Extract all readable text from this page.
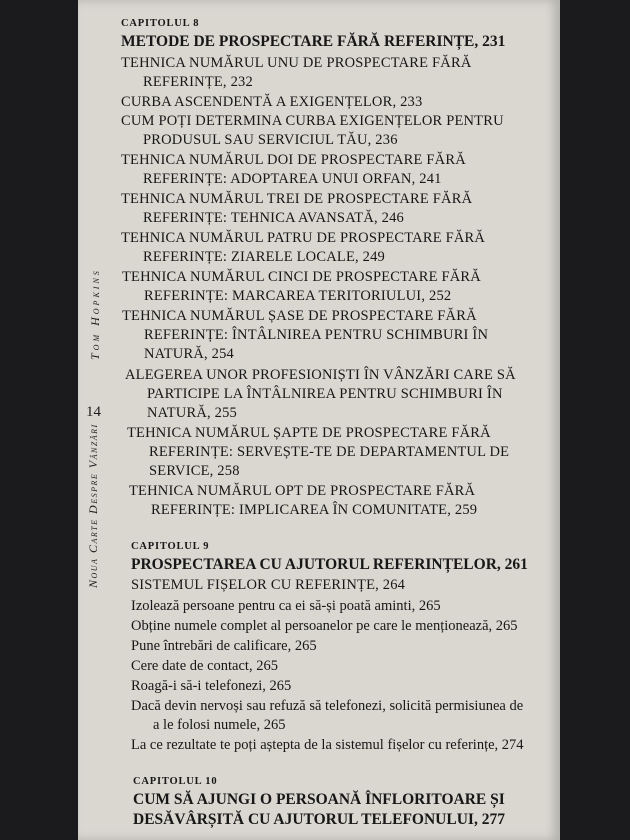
Noua Carte Despre Vânzări
Tom Hopkins
14
CAPITOLUL 8
METODE DE PROSPECTARE FĂRĂ REFERINȚE, 231
TEHNICA NUMĂRUL UNU DE PROSPECTARE FĂRĂ
REFERINȚE, 232
CURBA ASCENDENTĂ A EXIGENȚELOR, 233
CUM POȚI DETERMINA CURBA EXIGENȚELOR PENTRU
PRODUSUL SAU SERVICIUL TĂU, 236
TEHNICA NUMĂRUL DOI DE PROSPECTARE FĂRĂ
REFERINȚE: ADOPTAREA UNUI ORFAN, 241
TEHNICA NUMĂRUL TREI DE PROSPECTARE FĂRĂ
REFERINȚE: TEHNICA AVANSATĂ, 246
TEHNICA NUMĂRUL PATRU DE PROSPECTARE FĂRĂ
REFERINȚE: ZIARELE LOCALE, 249
TEHNICA NUMĂRUL CINCI DE PROSPECTARE FĂRĂ
REFERINȚE: MARCAREA TERITORIULUI, 252
TEHNICA NUMĂRUL ȘASE DE PROSPECTARE FĂRĂ
REFERINȚE: ÎNTÂLNIREA PENTRU SCHIMBURI ÎN
NATURĂ, 254
ALEGEREA UNOR PROFESIONIȘTI ÎN VÂNZĂRI CARE SĂ
PARTICIPE LA ÎNTÂLNIREA PENTRU SCHIMBURI ÎN
NATURĂ, 255
TEHNICA NUMĂRUL ȘAPTE DE PROSPECTARE FĂRĂ
REFERINȚE: SERVEȘTE-TE DE DEPARTAMENTUL DE
SERVICE, 258
TEHNICA NUMĂRUL OPT DE PROSPECTARE FĂRĂ
REFERINȚE: IMPLICAREA ÎN COMUNITATE, 259
CAPITOLUL 9
PROSPECTAREA CU AJUTORUL REFERINȚELOR, 261
SISTEMUL FIȘELOR CU REFERINȚE, 264
Izolează persoane pentru ca ei să-și poată aminti, 265
Obține numele complet al persoanelor pe care le menționează, 265
Pune întrebări de calificare, 265
Cere date de contact, 265
Roagă-i să-i telefonezi, 265
Dacă devin nervoși sau refuză să telefonezi, solicită permisiunea de
a le folosi numele, 265
La ce rezultate te poți aștepta de la sistemul fișelor cu referințe, 274
CAPITOLUL 10
CUM SĂ AJUNGI O PERSOANĂ ÎNFLORITOARE ȘI
DESĂVÂRȘITĂ CU AJUTORUL TELEFONULUI, 277
